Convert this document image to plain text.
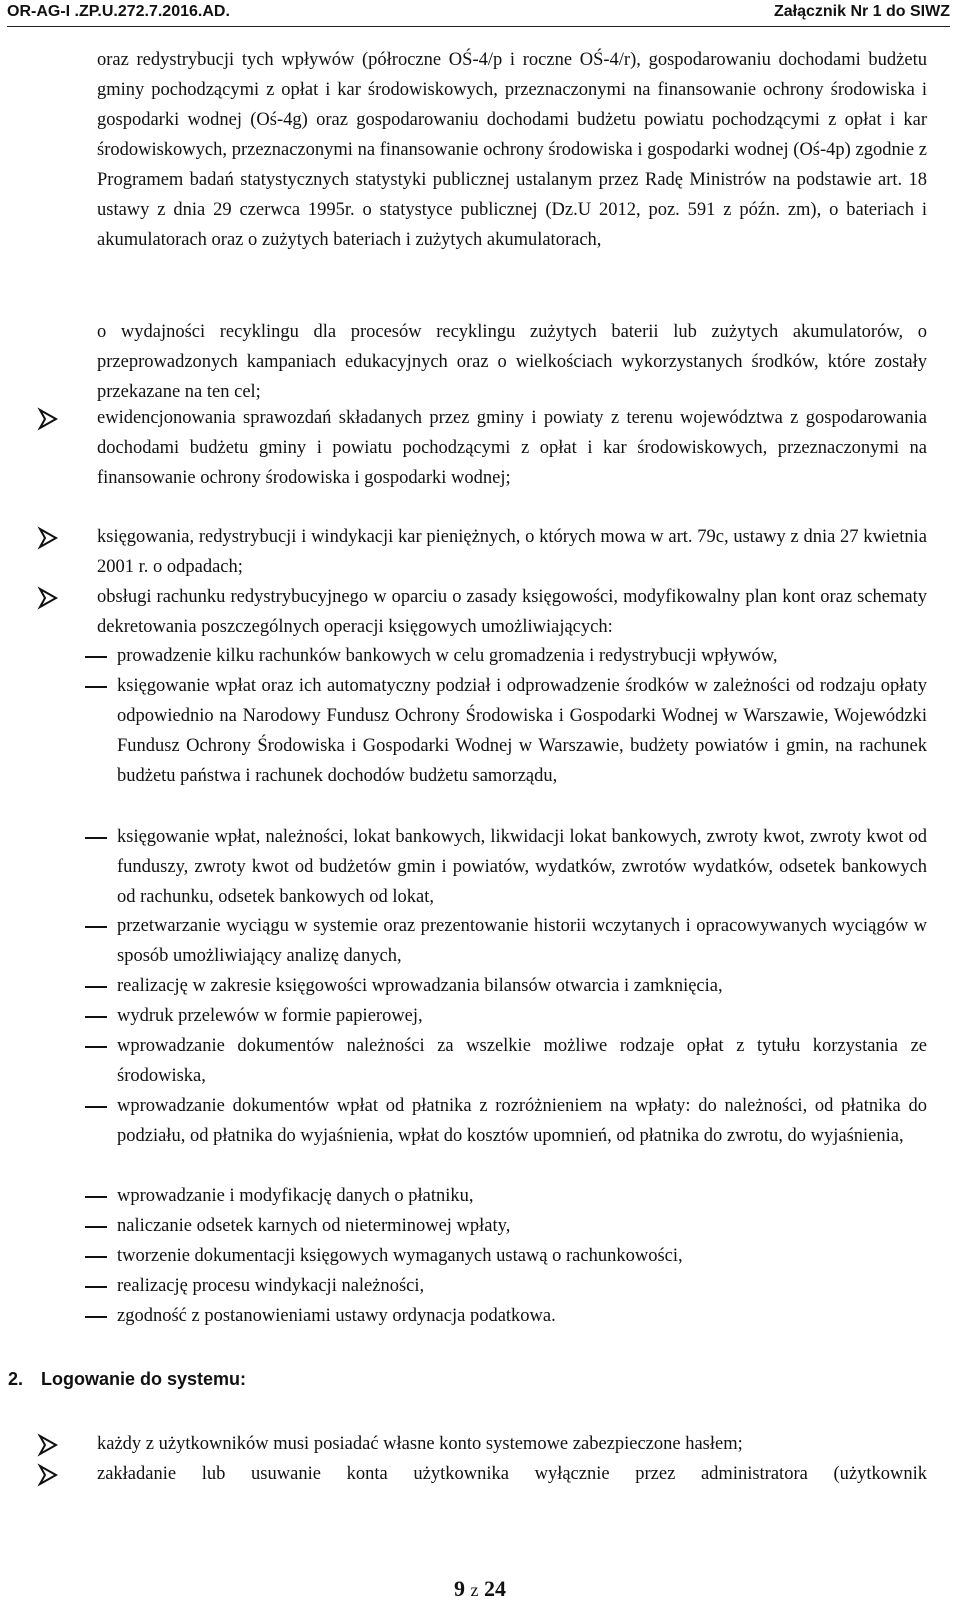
OR-AG-I .ZP.U.272.7.2016.AD.	Załącznik Nr 1 do SIWZ

oraz redystrybucji tych wpływów (półroczne OŚ-4/p i roczne OŚ-4/r), gospodarowaniu dochodami budżetu gminy pochodzącymi z opłat i kar środowiskowych, przeznaczonymi na finansowanie ochrony środowiska i gospodarki wodnej (Oś-4g) oraz gospodarowaniu dochodami budżetu powiatu pochodzącymi z opłat i kar środowiskowych, przeznaczonymi na finansowanie ochrony środowiska i gospodarki wodnej (Oś-4p) zgodnie z Programem badań statystycznych statystyki publicznej ustalanym przez Radę Ministrów na podstawie art. 18 ustawy z dnia 29 czerwca 1995r. o statystyce publicznej (Dz.U 2012, poz. 591 z późn. zm), o bateriach i akumulatorach oraz o zużytych bateriach i zużytych akumulatorach,

o wydajności recyklingu dla procesów recyklingu zużytych baterii lub zużytych akumulatorów, o przeprowadzonych kampaniach edukacyjnych oraz o wielkościach wykorzystanych środków, które zostały przekazane na ten cel;

ewidencjonowania sprawozdań składanych przez gminy i powiaty z terenu województwa z gospodarowania dochodami budżetu gminy i powiatu pochodzącymi z opłat i kar środowiskowych, przeznaczonymi na finansowanie ochrony środowiska i gospodarki wodnej;

księgowania, redystrybucji i windykacji kar pieniężnych, o których mowa w art. 79c, ustawy z dnia 27 kwietnia 2001 r. o odpadach;

obsługi rachunku redystrybucyjnego w oparciu o zasady księgowości, modyfikowalny plan kont oraz schematy dekretowania poszczególnych operacji księgowych umożliwiających:

prowadzenie kilku rachunków bankowych w celu gromadzenia i redystrybucji wpływów,

księgowanie wpłat oraz ich automatyczny podział i odprowadzenie środków w zależności od rodzaju opłaty odpowiednio na Narodowy Fundusz Ochrony Środowiska i Gospodarki Wodnej w Warszawie, Wojewódzki Fundusz Ochrony Środowiska i Gospodarki Wodnej w Warszawie, budżety powiatów i gmin, na rachunek budżetu państwa i rachunek dochodów budżetu samorządu,

księgowanie wpłat, należności, lokat bankowych, likwidacji lokat bankowych, zwroty kwot, zwroty kwot od funduszy, zwroty kwot od budżetów gmin i powiatów, wydatków, zwrotów wydatków, odsetek bankowych od rachunku, odsetek bankowych od lokat,

przetwarzanie wyciągu w systemie oraz prezentowanie historii wczytanych i opracowywanych wyciągów w sposób umożliwiający analizę danych,

realizację w zakresie księgowości wprowadzania bilansów otwarcia i zamknięcia,

wydruk przelewów w formie papierowej,

wprowadzanie dokumentów należności za wszelkie możliwe rodzaje opłat z tytułu korzystania ze środowiska,

wprowadzanie dokumentów wpłat od płatnika z rozróżnieniem na wpłaty: do należności, od płatnika do podziału, od płatnika do wyjaśnienia, wpłat do kosztów upomnień, od płatnika do zwrotu, do wyjaśnienia,

wprowadzanie i modyfikację danych o płatniku,

naliczanie odsetek karnych od nieterminowej wpłaty,

tworzenie dokumentacji księgowych wymaganych ustawą o rachunkowości,

realizację procesu windykacji należności,

zgodność z postanowieniami ustawy ordynacja podatkowa.

2. Logowanie do systemu:

każdy z użytkowników musi posiadać własne konto systemowe zabezpieczone hasłem;

zakładanie lub usuwanie konta użytkownika wyłącznie przez administratora (użytkownik

9 z 24
